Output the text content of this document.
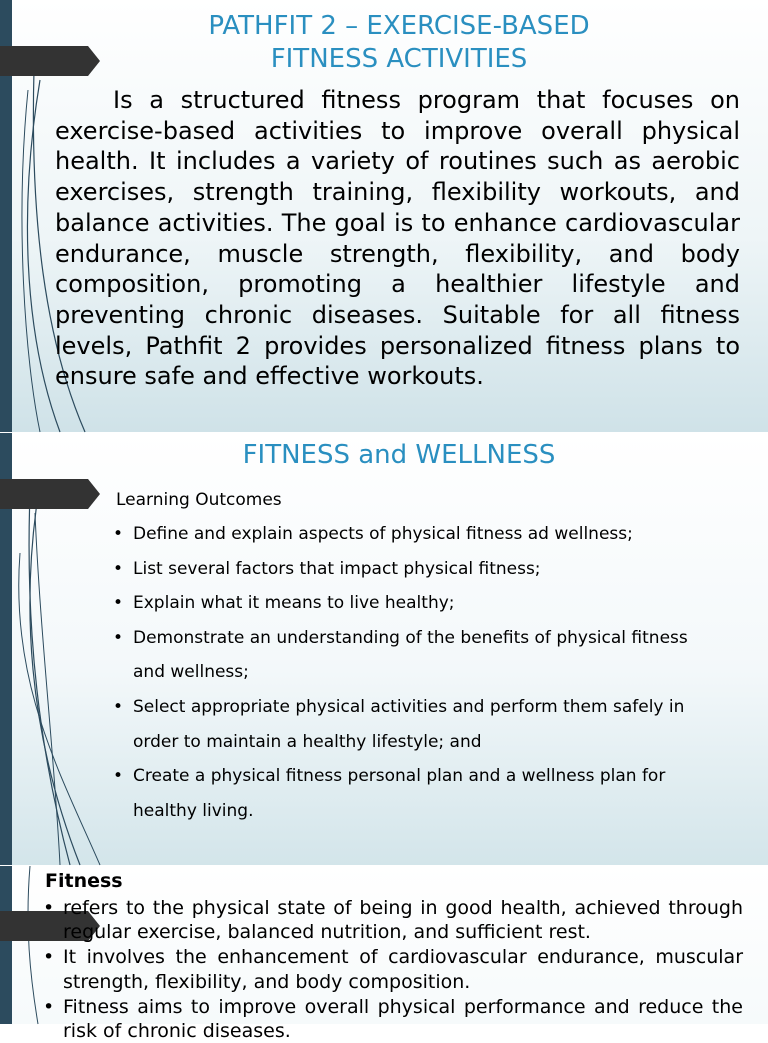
PATHFIT 2 – EXERCISE-BASED
FITNESS ACTIVITIES

Is a structured fitness program that focuses on exercise-based activities to improve overall physical health. It includes a variety of routines such as aerobic exercises, strength training, flexibility workouts, and balance activities. The goal is to enhance cardiovascular endurance, muscle strength, flexibility, and body composition, promoting a healthier lifestyle and preventing chronic diseases. Suitable for all fitness levels, Pathfit 2 provides personalized fitness plans to ensure safe and effective workouts.

FITNESS and WELLNESS
Learning Outcomes
• Define and explain aspects of physical fitness ad wellness;
• List several factors that impact physical fitness;
• Explain what it means to live healthy;
• Demonstrate an understanding of the benefits of physical fitness and wellness;
• Select appropriate physical activities and perform them safely in order to maintain a healthy lifestyle; and
• Create a physical fitness personal plan and a wellness plan for healthy living.
Fitness
• refers to the physical state of being in good health, achieved through regular exercise, balanced nutrition, and sufficient rest.
• It involves the enhancement of cardiovascular endurance, muscular strength, flexibility, and body composition.
• Fitness aims to improve overall physical performance and reduce the risk of chronic diseases.
